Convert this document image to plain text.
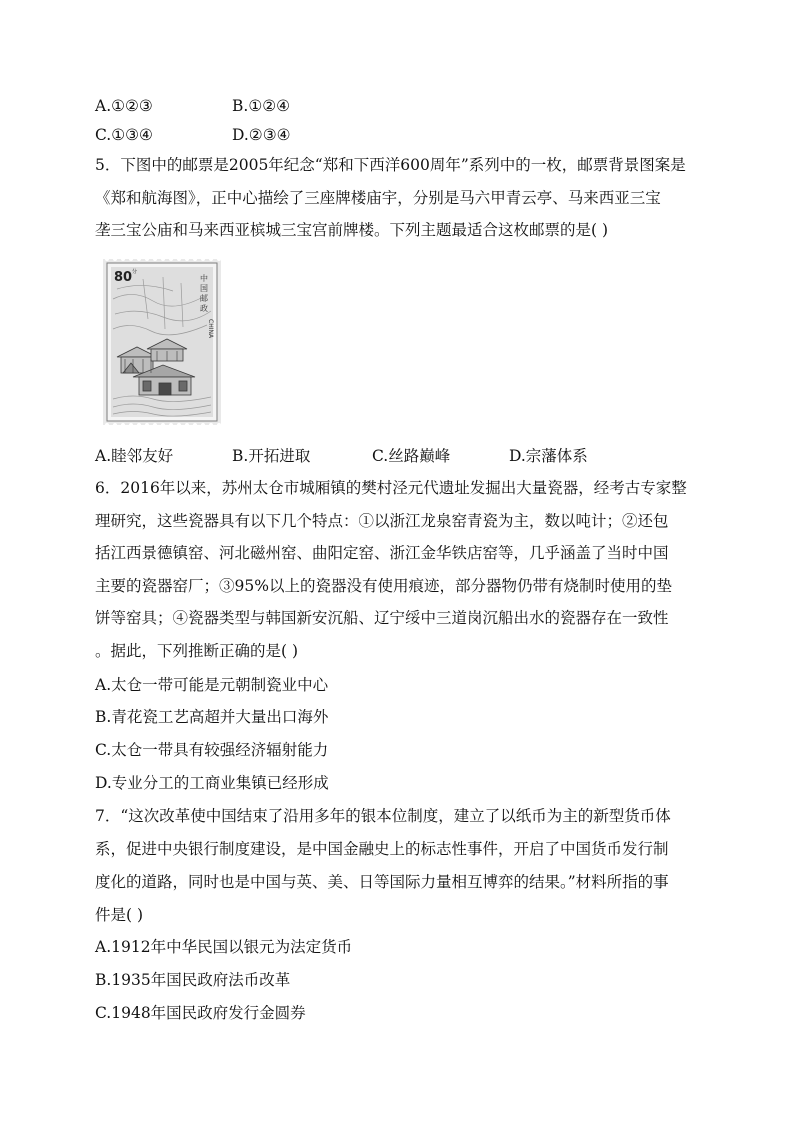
A.①②③	B.①②④
C.①③④	D.②③④
5．下图中的邮票是2005年纪念“郑和下西洋600周年”系列中的一枚，邮票背景图案是
《郑和航海图》，正中心描绘了三座牌楼庙宇，分别是马六甲青云亭、马来西亚三宝
垄三宝公庙和马来西亚槟城三宝宫前牌楼。下列主题最适合这枚邮票的是( )
80 分
中
国
邮
政
CHINA
A.睦邻友好	B.开拓进取	C.丝路巅峰	D.宗藩体系
6．2016年以来，苏州太仓市城厢镇的樊村泾元代遗址发掘出大量瓷器，经考古专家整
理研究，这些瓷器具有以下几个特点：①以浙江龙泉窑青瓷为主，数以吨计；②还包
括江西景德镇窑、河北磁州窑、曲阳定窑、浙江金华铁店窑等，几乎涵盖了当时中国
主要的瓷器窑厂；③95%以上的瓷器没有使用痕迹，部分器物仍带有烧制时使用的垫
饼等窑具；④瓷器类型与韩国新安沉船、辽宁绥中三道岗沉船出水的瓷器存在一致性
。据此，下列推断正确的是( )
A.太仓一带可能是元朝制瓷业中心
B.青花瓷工艺高超并大量出口海外
C.太仓一带具有较强经济辐射能力
D.专业分工的工商业集镇已经形成
7．“这次改革使中国结束了沿用多年的银本位制度，建立了以纸币为主的新型货币体
系，促进中央银行制度建设，是中国金融史上的标志性事件，开启了中国货币发行制
度化的道路，同时也是中国与英、美、日等国际力量相互博弈的结果。”材料所指的事
件是( )
A.1912年中华民国以银元为法定货币
B.1935年国民政府法币改革
C.1948年国民政府发行金圆券
